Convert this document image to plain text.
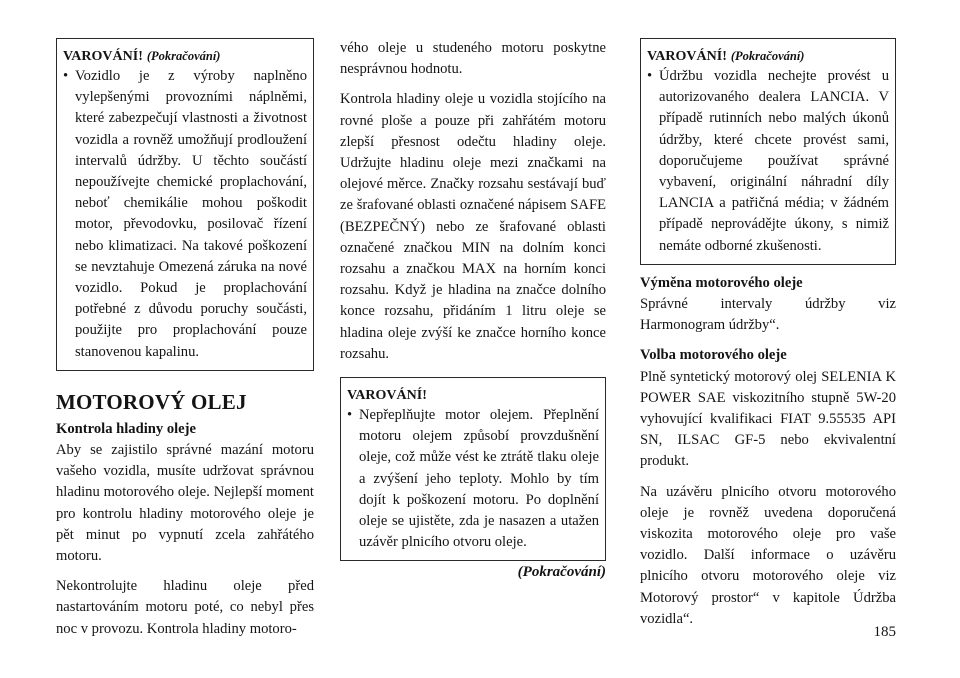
VAROVÁNÍ! (Pokračování)
• Vozidlo je z výroby naplněno vylepšenými provozními náplněmi, které zabezpečují vlastnosti a životnost vozidla a rovněž umožňují prodloužení intervalů údržby. U těchto součástí nepoužívejte chemické proplachování, neboť chemikálie mohou poškodit motor, převodovku, posilovač řízení nebo klimatizaci. Na takové poškození se nevztahuje Omezená záruka na nové vozidlo. Pokud je proplachování potřebné z důvodu poruchy součásti, použijte pro proplachování pouze stanovenou kapalinu.
MOTOROVÝ OLEJ
Kontrola hladiny oleje

Aby se zajistilo správné mazání motoru vašeho vozidla, musíte udržovat správnou hladinu motorového oleje. Nejlepší moment pro kontrolu hladiny motorového oleje je pět minut po vypnutí zcela zahřátého motoru.

Nekontrolujte hladinu oleje před nastartováním motoru poté, co nebyl přes noc v provozu. Kontrola hladiny motoro-

vého oleje u studeného motoru poskytne nesprávnou hodnotu.

Kontrola hladiny oleje u vozidla stojícího na rovné ploše a pouze při zahřátém motoru zlepší přesnost odečtu hladiny oleje. Udržujte hladinu oleje mezi značkami na olejové měrce. Značky rozsahu sestávají buď ze šrafované oblasti označené nápisem SAFE (BEZPEČNÝ) nebo ze šrafované oblasti označené značkou MIN na dolním konci rozsahu a značkou MAX na horním konci rozsahu. Když je hladina na značce dolního konce rozsahu, přidáním 1 litru oleje se hladina oleje zvýší ke značce horního konce rozsahu.

VAROVÁNÍ!
• Nepřeplňujte motor olejem. Přeplnění motoru olejem způsobí provzdušnění oleje, což může vést ke ztrátě tlaku oleje a zvýšení jeho teploty. Mohlo by tím dojít k poškození motoru. Po doplnění oleje se ujistěte, zda je nasazen a utažen uzávěr plnicího otvoru oleje.
(Pokračování)
VAROVÁNÍ! (Pokračování)
• Údržbu vozidla nechejte provést u autorizovaného dealera LANCIA. V případě rutinních nebo malých úkonů údržby, které chcete provést sami, doporučujeme používat správné vybavení, originální náhradní díly LANCIA a patřičná média; v žádném případě neprovádějte úkony, s nimiž nemáte odborné zkušenosti.
Výměna motorového oleje

Správné intervaly údržby viz Harmonogram údržby“.

Volba motorového oleje

Plně syntetický motorový olej SELENIA K POWER SAE viskozitního stupně 5W-20 vyhovující kvalifikaci FIAT 9.55535 API SN, ILSAC GF-5 nebo ekvivalentní produkt.

Na uzávěru plnicího otvoru motorového oleje je rovněž uvedena doporučená viskozita motorového oleje pro vaše vozidlo. Další informace o uzávěru plnicího otvoru motorového oleje viz Motorový prostor“ v kapitole Údržba vozidla“.

185
